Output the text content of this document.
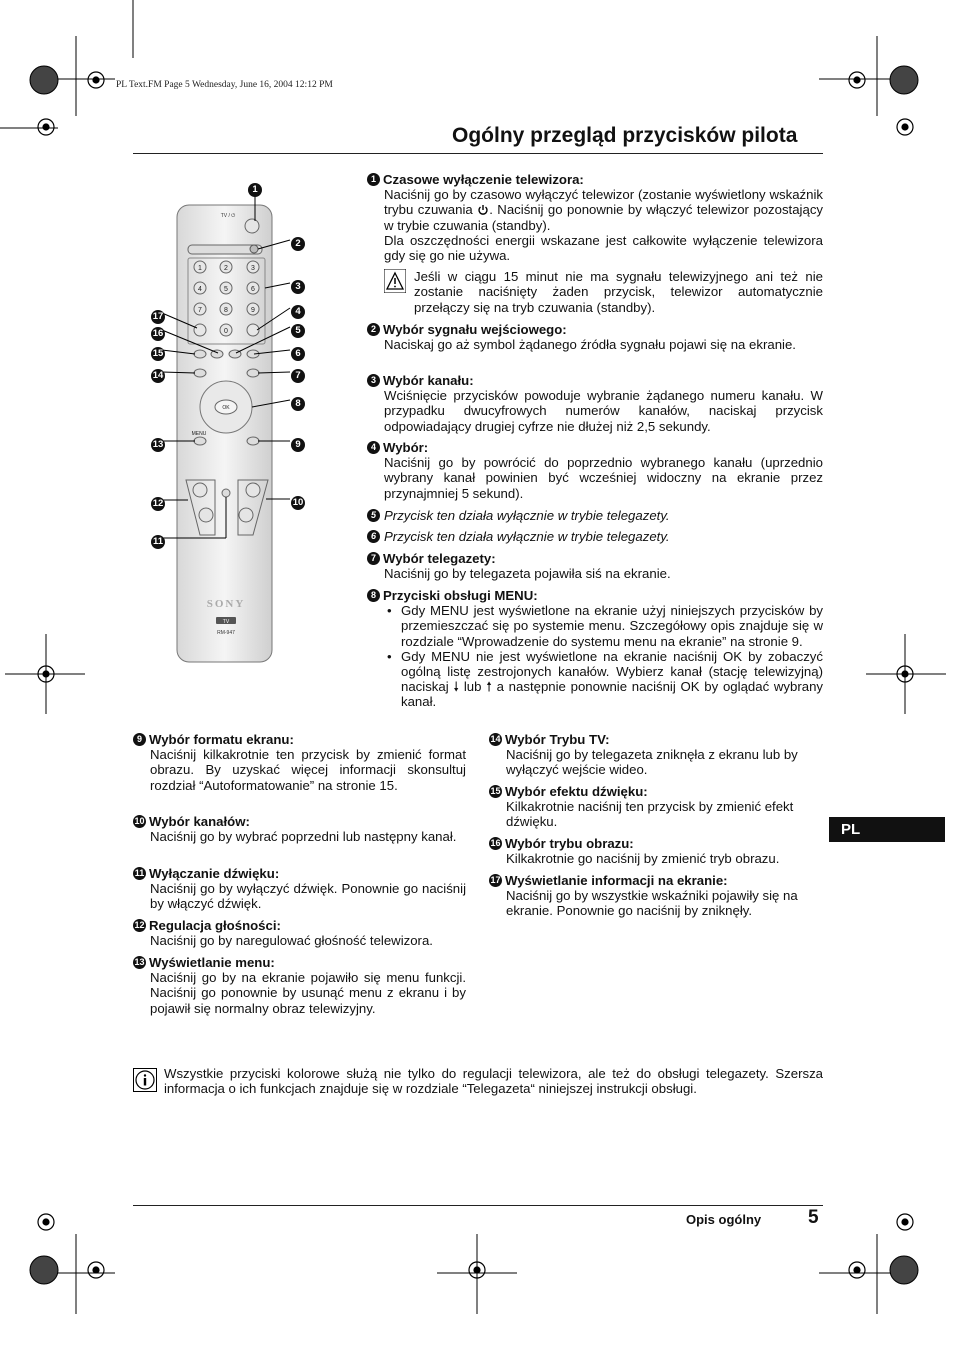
PL Text.FM Page 5 Wednesday, June 16, 2004 12:12 PM
Ogólny przegląd przycisków pilota
TV / ⏻
1	2	3
4	5	6
7	8	9
0
OK
MENU
SONY
TV
RM-947
1
2
3
4
5
6
7
8
9
10
11
12
13
14
15
16
17
1 Czasowe wyłączenie telewizora:
Naciśnij go by czasowo wyłączyć telewizor (zostanie wyświetlony wskaźnik trybu czuwania . Naciśnij go ponownie by włączyć telewizor pozostający w trybie czuwania (standby).
Dla oszczędności energii wskazane jest całkowite wyłączenie telewizora gdy się go nie używa.
Jeśli w ciągu 15 minut nie ma sygnału telewizyjnego ani też nie zostanie naciśnięty żaden przycisk, telewizor automatycznie przełączy się na tryb czuwania (standby).
2 Wybór sygnału wejściowego:
Naciskaj go aż symbol żądanego źródła sygnału pojawi się na ekranie.
3 Wybór kanału:
Wciśnięcie przycisków powoduje wybranie żądanego numeru kanału. W przypadku dwucyfrowych numerów kanałów, naciskaj przycisk odpowiadający drugiej cyfrze nie dłużej niż 2,5 sekundy.
4 Wybór:
Naciśnij go by powrócić do poprzednio wybranego kanału (uprzednio wybrany kanał powinien być wcześniej widoczny na ekranie przez przynajmniej 5 sekund).
5 Przycisk ten działa wyłącznie w trybie telegazety.
6 Przycisk ten działa wyłącznie w trybie telegazety.
7 Wybór telegazety:
Naciśnij go by telegazeta pojawiła siś na ekranie.
8 Przyciski obsługi MENU:
• Gdy MENU jest wyświetlone na ekranie użyj niniejszych przycisków by przemieszczać się po systemie menu. Szczegółowy opis znajduje się w rozdziale “Wprowadzenie do systemu menu na ekranie” na stronie 9.
• Gdy MENU nie jest wyświetlone na ekranie naciśnij OK by zobaczyć ogólną listę zestrojonych kanałów. Wybierz kanał (stację telewizyjną) naciskaj 🠗 lub 🠕 a następnie ponownie naciśnij OK by oglądać wybrany kanał.
9 Wybór formatu ekranu:
Naciśnij kilkakrotnie ten przycisk by zmienić format obrazu. By uzyskać więcej informacji skonsultuj rozdział “Autoformatowanie” na stronie 15.
10 Wybór kanałów:
Naciśnij go by wybrać poprzedni lub następny kanał.
11 Wyłączanie dźwięku:
Naciśnij go by wyłączyć dźwięk. Ponownie go naciśnij by włączyć dźwięk.
12 Regulacja głośności:
Naciśnij go by naregulować głośność telewizora.
13 Wyświetlanie menu:
Naciśnij go by na ekranie pojawiło się menu funkcji. Naciśnij go ponownie by usunąć menu z ekranu i by pojawił się normalny obraz telewizyjny.
14 Wybór Trybu TV:
Naciśnij go by telegazeta zniknęła z ekranu lub by wyłączyć wejście wideo.
15 Wybór efektu dźwięku:
Kilkakrotnie naciśnij ten przycisk by zmienić efekt dźwięku.
16 Wybór trybu obrazu:
Kilkakrotnie go naciśnij by zmienić tryb obrazu.
17 Wyświetlanie informacji na ekranie:
Naciśnij go by wszystkie wskaźniki pojawiły się na ekranie. Ponownie go naciśnij by zniknęły.
PL
Wszystkie przyciski kolorowe służą nie tylko do regulacji telewizora, ale też do obsługi telegazety. Szersza informacja o ich funkcjach znajduje się w rozdziale “Telegazeta“ niniejszej instrukcji obsługi.
Opis ogólny 5
